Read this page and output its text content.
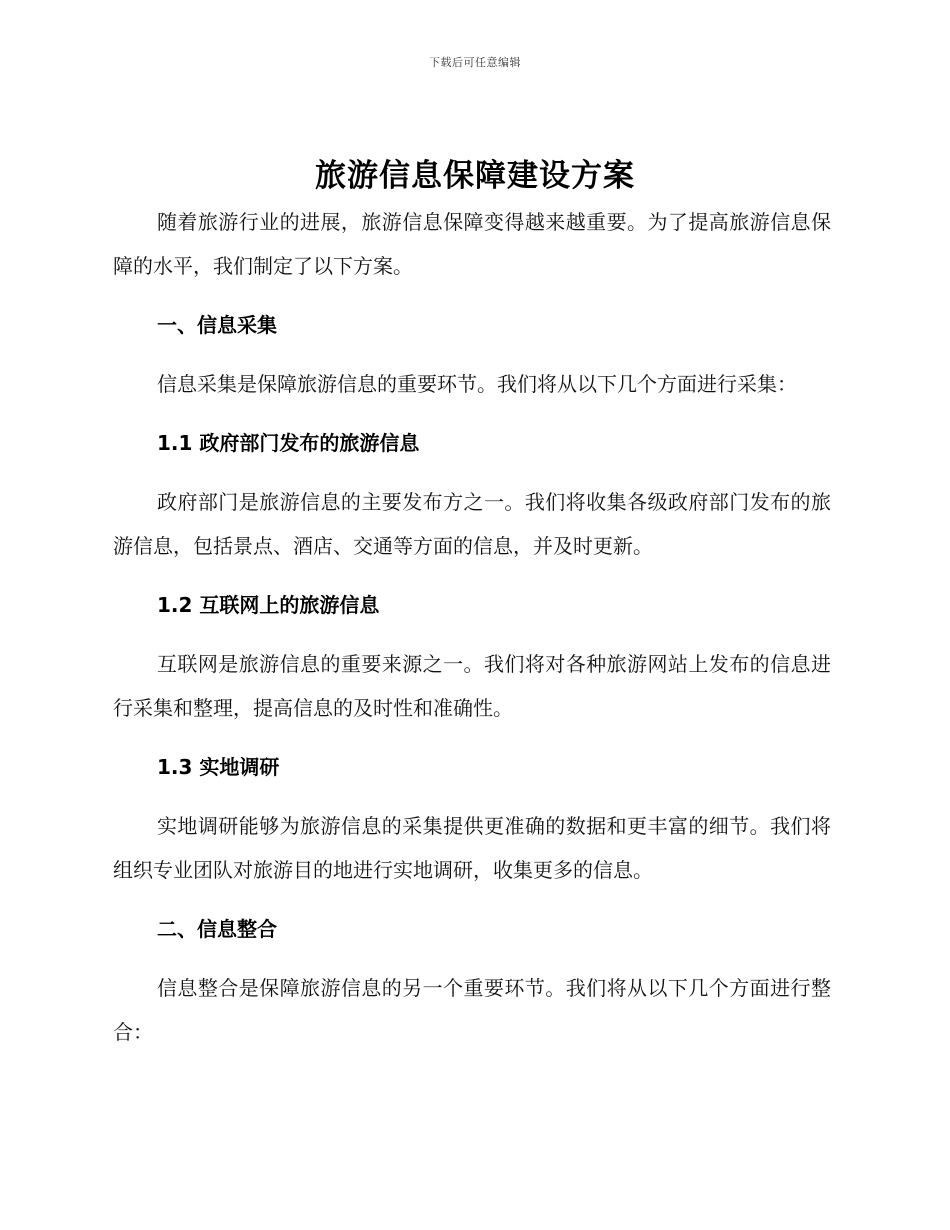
下载后可任意编辑
旅游信息保障建设方案

随着旅游行业的进展，旅游信息保障变得越来越重要。为了提高旅游信息保障的水平，我们制定了以下方案。

一、信息采集

信息采集是保障旅游信息的重要环节。我们将从以下几个方面进行采集：

1.1 政府部门发布的旅游信息

政府部门是旅游信息的主要发布方之一。我们将收集各级政府部门发布的旅游信息，包括景点、酒店、交通等方面的信息，并及时更新。

1.2 互联网上的旅游信息

互联网是旅游信息的重要来源之一。我们将对各种旅游网站上发布的信息进行采集和整理，提高信息的及时性和准确性。

1.3 实地调研

实地调研能够为旅游信息的采集提供更准确的数据和更丰富的细节。我们将组织专业团队对旅游目的地进行实地调研，收集更多的信息。

二、信息整合

信息整合是保障旅游信息的另一个重要环节。我们将从以下几个方面进行整合：
